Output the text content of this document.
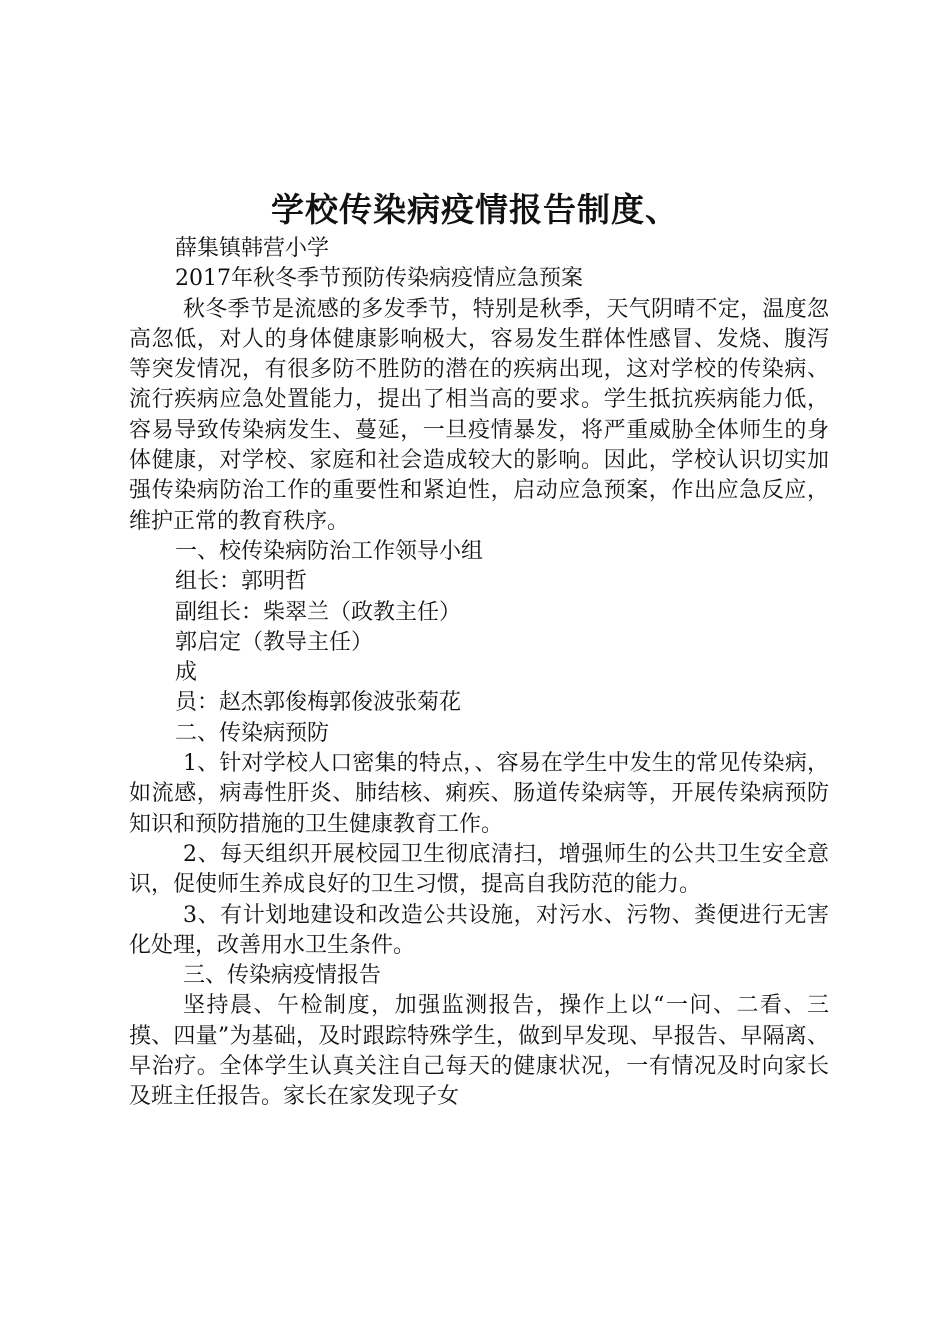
学校传染病疫情报告制度、

薛集镇韩营小学

2017年秋冬季节预防传染病疫情应急预案

秋冬季节是流感的多发季节，特别是秋季，天气阴晴不定，温度忽高忽低，对人的身体健康影响极大，容易发生群体性感冒、发烧、腹泻等突发情况，有很多防不胜防的潜在的疾病出现，这对学校的传染病、流行疾病应急处置能力，提出了相当高的要求。学生抵抗疾病能力低，容易导致传染病发生、蔓延，一旦疫情暴发，将严重威胁全体师生的身体健康，对学校、家庭和社会造成较大的影响。因此，学校认识切实加强传染病防治工作的重要性和紧迫性，启动应急预案，作出应急反应，维护正常的教育秩序。

一、校传染病防治工作领导小组

组长：郭明哲

副组长：柴翠兰（政教主任）

郭启定（教导主任）

成

员：赵杰郭俊梅郭俊波张菊花

二、传染病预防

1、针对学校人口密集的特点，、容易在学生中发生的常见传染病，如流感，病毒性肝炎、肺结核、痢疾、肠道传染病等，开展传染病预防知识和预防措施的卫生健康教育工作。

2、每天组织开展校园卫生彻底清扫，增强师生的公共卫生安全意识，促使师生养成良好的卫生习惯，提高自我防范的能力。

3、有计划地建设和改造公共设施，对污水、污物、粪便进行无害化处理，改善用水卫生条件。

三、传染病疫情报告

坚持晨、午检制度，加强监测报告，操作上以“一问、二看、三摸、四量”为基础，及时跟踪特殊学生，做到早发现、早报告、早隔离、早治疗。全体学生认真关注自己每天的健康状况，一有情况及时向家长及班主任报告。家长在家发现子女
